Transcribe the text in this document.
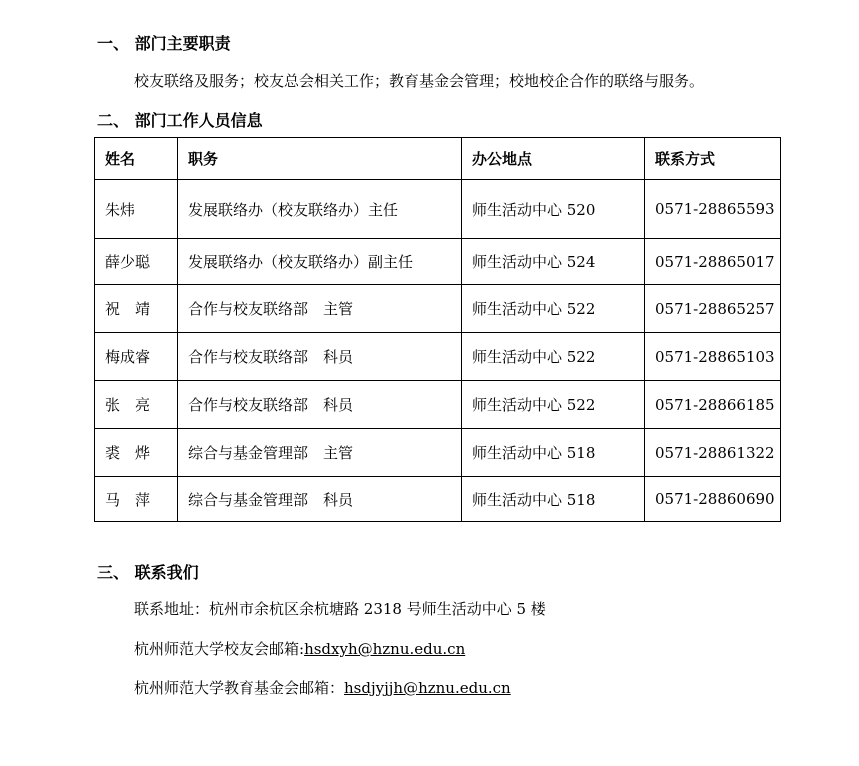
一、 部门主要职责
校友联络及服务；校友总会相关工作；教育基金会管理；校地校企合作的联络与服务。
二、 部门工作人员信息
姓名	职务	办公地点	联系方式
朱炜	发展联络办（校友联络办）主任	师生活动中心 520	0571-28865593
薛少聪	发展联络办（校友联络办）副主任	师生活动中心 524	0571-28865017
祝　靖	合作与校友联络部　主管	师生活动中心 522	0571-28865257
梅成睿	合作与校友联络部　科员	师生活动中心 522	0571-28865103
张　亮	合作与校友联络部　科员	师生活动中心 522	0571-28866185
裘　烨	综合与基金管理部　主管	师生活动中心 518	0571-28861322
马　萍	综合与基金管理部　科员	师生活动中心 518	0571-28860690
三、 联系我们
联系地址：杭州市余杭区余杭塘路 2318 号师生活动中心 5 楼
杭州师范大学校友会邮箱:hsdxyh@hznu.edu.cn
杭州师范大学教育基金会邮箱：hsdjyjjh@hznu.edu.cn
